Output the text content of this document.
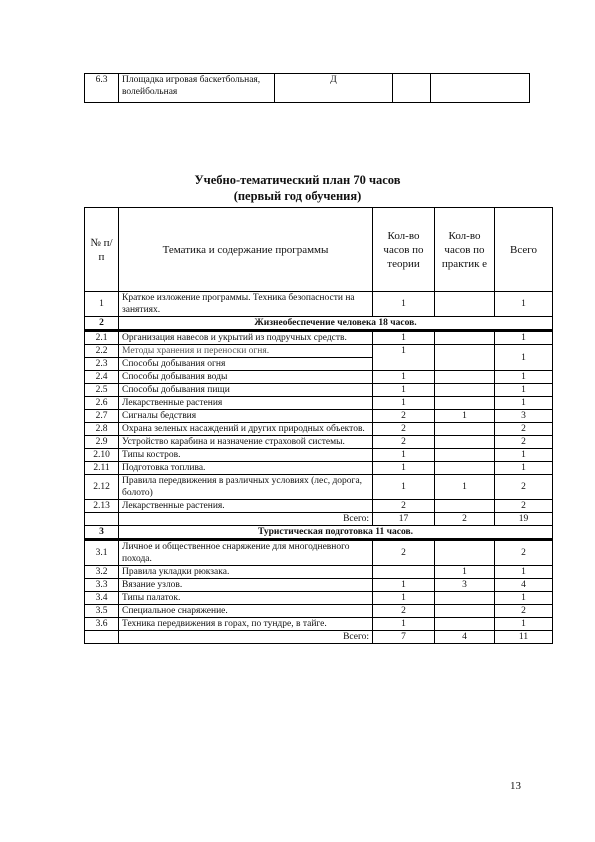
6.3	Площадка игровая баскетбольная, волейбольная	Д		
Учебно-тематический план 70 часов
(первый год обучения)
№ п/п	Тематика и содержание программы	Кол-во часов по теории	Кол-во часов по практик е	Всего
1	Краткое изложение программы. Техника безопасности на занятиях.	1		1
2	Жизнеобеспечение человека 18 часов.			
2.1	Организация навесов и укрытий из подручных средств.	1		1
2.2	Методы хранения и переноски огня.	1		1
2.3	Способы добывания огня			
2.4	Способы добывания воды	1		1
2.5	Способы добывания пищи	1		1
2.6	Лекарственные растения	1		1
2.7	Сигналы бедствия	2	1	3
2.8	Охрана зеленых насаждений и других природных объектов.	2		2
2.9	Устройство карабина и назначение страховой системы.	2		2
2.10	Типы костров.	1		1
2.11	Подготовка топлива.	1		1
2.12	Правила передвижения в различных условиях (лес, дорога, болото)	1	1	2
2.13	Лекарственные растения.	2		2
	Всего:	17	2	19
3	Туристическая подготовка 11 часов.			
3.1	Личное и общественное снаряжение для многодневного похода.	2		2
3.2	Правила укладки рюкзака.		1	1
3.3	Вязание узлов.	1	3	4
3.4	Типы палаток.	1		1
3.5	Специальное снаряжение.	2		2
3.6	Техника передвижения в горах, по тундре, в тайге.	1		1
	Всего:	7	4	11
13
